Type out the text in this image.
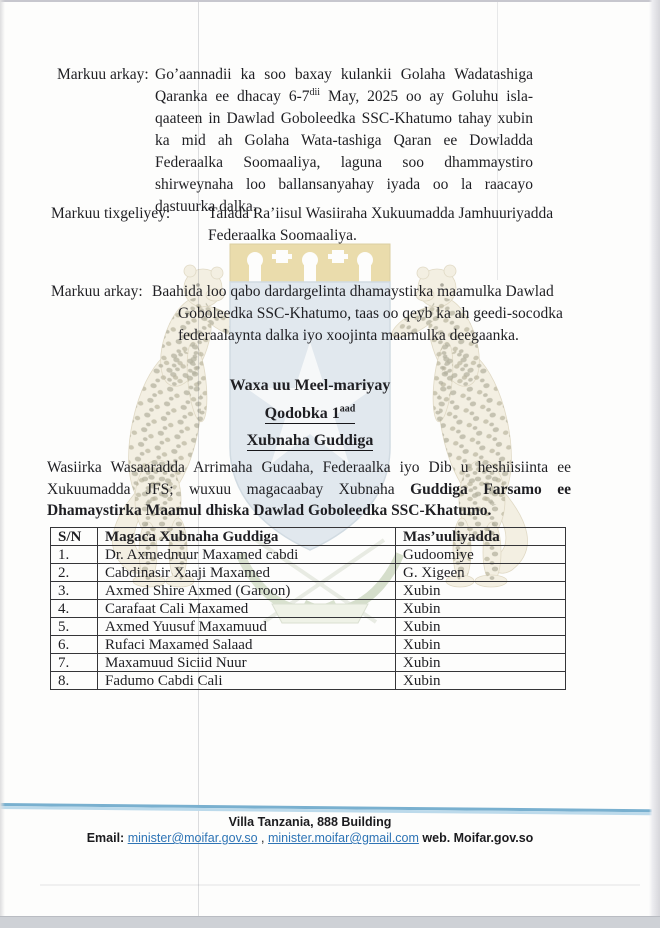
Markuu arkay: Go’aannadii ka soo baxay kulankii Golaha Wadatashiga Qaranka ee dhacay $6-7^{dii}$ May, 2025 oo ay Goluhu isla-qaateen in Dawlad Goboleedka SSC-Khatumo tahay xubin ka mid ah Golaha Wata-tashiga Qaran ee Dowladda Federaalka Soomaaliya, laguna soo dhammaystiro shirweynaha loo ballansanyahay iyada oo la raacayo dastuurka dalka.
Markuu tixgeliyey:	Talada Ra’iisul Wasiiraha Xukuumadda Jamhuuriyadda Federaalka Soomaaliya.
Markuu arkay: Baahida loo qabo dardargelinta dhamaystirka maamulka Dawlad Goboleedka SSC-Khatumo, taas oo qeyb ka ah geedi-socodka federaalaynta dalka iyo xoojinta maamulka deegaanka.
Waxa uu Meel-mariyay
Qodobka $1^{aad}$
Xubnaha Guddiga
Wasiirka Wasaaradda Arrimaha Gudaha, Federaalka iyo Dib u heshiisiinta ee Xukuumadda JFS; wuxuu magacaabay Xubnaha Guddiga Farsamo ee Dhamaystirka Maamul dhiska Dawlad Goboleedka SSC-Khatumo.
S/N	Magaca Xubnaha Guddiga	Mas’uuliyadda
1.	Dr. Axmednuur Maxamed cabdi	Gudoomiye
2.	Cabdinasir Xaaji Maxamed	G. Xigeen
3.	Axmed Shire Axmed (Garoon)	Xubin
4.	Carafaat Cali Maxamed	Xubin
5.	Axmed Yuusuf Maxamuud	Xubin
6.	Rufaci Maxamed Salaad	Xubin
7.	Maxamuud Siciid Nuur	Xubin
8.	Fadumo Cabdi Cali	Xubin
Villa Tanzania, 888 Building
Email: minister@moifar.gov.so , minister.moifar@gmail.com web. Moifar.gov.so
